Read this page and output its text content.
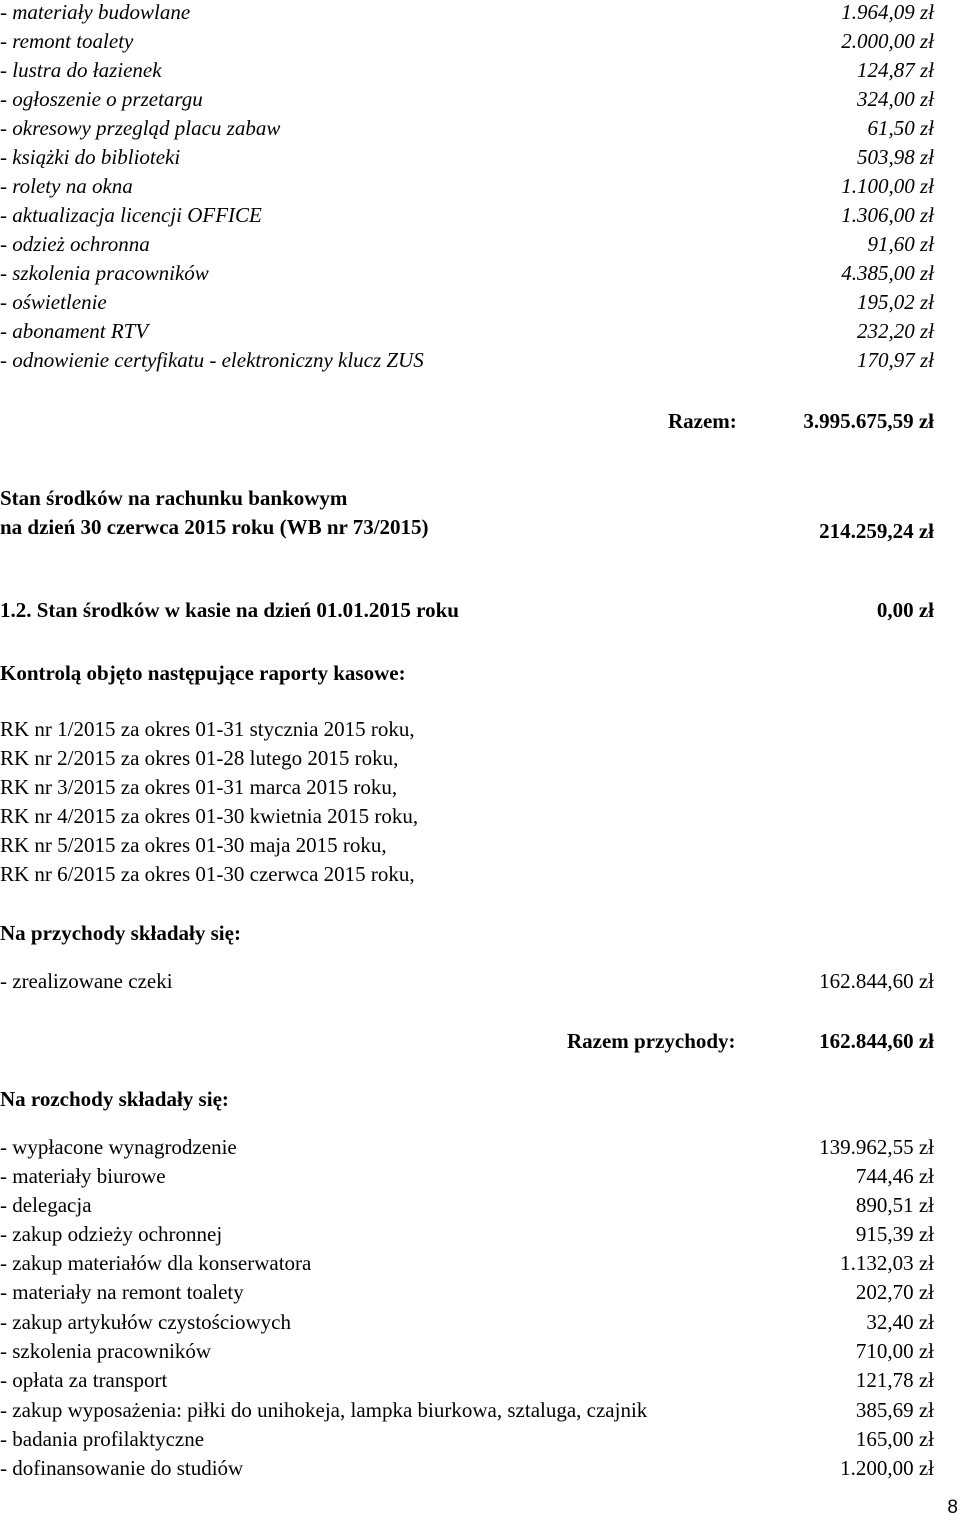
- materiały budowlane	1.964,09 zł
- remont toalety	2.000,00 zł
- lustra do łazienek	124,87 zł
- ogłoszenie o przetargu	324,00 zł
- okresowy przegląd placu zabaw	61,50 zł
- książki do biblioteki	503,98 zł
- rolety na okna	1.100,00 zł
- aktualizacja licencji OFFICE	1.306,00 zł
- odzież ochronna	91,60 zł
- szkolenia pracowników	4.385,00 zł
- oświetlenie	195,02 zł
- abonament RTV	232,20 zł
- odnowienie certyfikatu - elektroniczny klucz ZUS	170,97 zł
Razem:	3.995.675,59 zł
Stan środków na rachunku bankowym
na dzień 30 czerwca 2015 roku (WB nr 73/2015)	214.259,24 zł
1.2. Stan środków w kasie na dzień 01.01.2015 roku	0,00 zł
Kontrolą objęto następujące raporty kasowe:
RK nr 1/2015 za okres 01-31 stycznia 2015 roku,
RK nr 2/2015 za okres 01-28 lutego 2015 roku,
RK nr 3/2015 za okres 01-31 marca 2015 roku,
RK nr 4/2015 za okres 01-30 kwietnia 2015 roku,
RK nr 5/2015 za okres 01-30 maja 2015 roku,
RK nr 6/2015 za okres 01-30 czerwca 2015 roku,
Na przychody składały się:
- zrealizowane czeki	162.844,60 zł
Razem przychody:	162.844,60 zł
Na rozchody składały się:
- wypłacone wynagrodzenie	139.962,55 zł
- materiały biurowe	744,46 zł
- delegacja	890,51 zł
- zakup odzieży ochronnej	915,39 zł
- zakup materiałów dla konserwatora	1.132,03 zł
- materiały na remont toalety	202,70 zł
- zakup artykułów czystościowych	32,40 zł
- szkolenia pracowników	710,00 zł
- opłata za transport	121,78 zł
- zakup wyposażenia: piłki do unihokeja, lampka biurkowa, sztaluga, czajnik	385,69 zł
- badania profilaktyczne	165,00 zł
- dofinansowanie do studiów	1.200,00 zł
8
